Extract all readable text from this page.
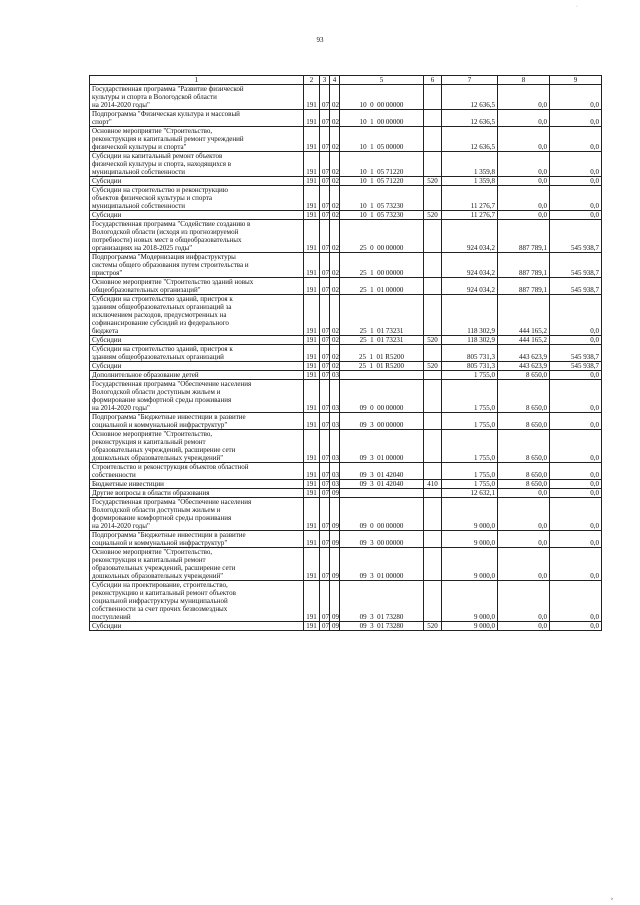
·
93
1	2	3	4	5	6	7	8	9

Государственная программа "Развитие физической
культуры и спорта в Вологодской области
на 2014-2020 годы"	191	07	02	10 0 00 00000		12 636,5	0,0	0,0

Подпрограмма "Физическая культура и массовый
спорт"	191	07	02	10 1 00 00000		12 636,5	0,0	0,0

Основное мероприятие "Строительство,
реконструкция и капитальный ремонт учреждений
физической культуры и спорта"	191	07	02	10 1 05 00000		12 636,5	0,0	0,0

Субсидии на капитальный ремонт объектов
физической культуры и спорта, находящихся в
муниципальной собственности	191	07	02	10 1 05 71220		1 359,8	0,0	0,0

Субсидии	191	07	02	10 1 05 71220	520	1 359,8	0,0	0,0

Субсидии на строительство и реконструкцию
объектов физической культуры и спорта
муниципальной собственности	191	07	02	10 1 05 73230		11 276,7	0,0	0,0

Субсидии	191	07	02	10 1 05 73230	520	11 276,7	0,0	0,0

Государственная программа "Содействие созданию в
Вологодской области (исходя из прогнозируемой
потребности) новых мест в общеобразовательных
организациях на 2018-2025 годы"	191	07	02	25 0 00 00000		924 034,2	887 789,1	545 938,7

Подпрограмма "Модернизация инфраструктуры
системы общего образования путем строительства и
пристроя"	191	07	02	25 1 00 00000		924 034,2	887 789,1	545 938,7

Основное мероприятие "Строительство зданий новых
общеобразовательных организаций"	191	07	02	25 1 01 00000		924 034,2	887 789,1	545 938,7

Субсидии на строительство зданий, пристроя к
зданиям общеобразовательных организаций за
исключением расходов, предусмотренных на
софинансирование субсидий из федерального
бюджета	191	07	02	25 1 01 73231		118 302,9	444 165,2	0,0

Субсидии	191	07	02	25 1 01 73231	520	118 302,9	444 165,2	0,0

Субсидии на строительство зданий, пристроя к
зданиям общеобразовательных организаций	191	07	02	25 1 01 R5200		805 731,3	443 623,9	545 938,7

Субсидии	191	07	02	25 1 01 R5200	520	805 731,3	443 623,9	545 938,7

Дополнительное образование детей	191	07	03			1 755,0	8 650,0	0,0

Государственная программа "Обеспечение населения
Вологодской области доступным жильем и
формирование комфортной среды проживания
на 2014-2020 годы"	191	07	03	09 0 00 00000		1 755,0	8 650,0	0,0

Подпрограмма "Бюджетные инвестиции в развитие
социальной и коммунальной инфраструктур"	191	07	03	09 3 00 00000		1 755,0	8 650,0	0,0

Основное мероприятие "Строительство,
реконструкция и капитальный ремонт
образовательных учреждений, расширение сети
дошкольных образовательных учреждений"	191	07	03	09 3 01 00000		1 755,0	8 650,0	0,0

Строительство и реконструкция объектов областной
собственности	191	07	03	09 3 01 42040		1 755,0	8 650,0	0,0

Бюджетные инвестиции	191	07	03	09 3 01 42040	410	1 755,0	8 650,0	0,0

Другие вопросы в области образования	191	07	09			12 632,1	0,0	0,0

Государственная программа "Обеспечение населения
Вологодской области доступным жильем и
формирование комфортной среды проживания
на 2014-2020 годы"	191	07	09	09 0 00 00000		9 000,0	0,0	0,0

Подпрограмма "Бюджетные инвестиции в развитие
социальной и коммунальной инфраструктур"	191	07	09	09 3 00 00000		9 000,0	0,0	0,0

Основное мероприятие "Строительство,
реконструкция и капитальный ремонт
образовательных учреждений, расширение сети
дошкольных образовательных учреждений"	191	07	09	09 3 01 00000		9 000,0	0,0	0,0

Субсидии на проектирование, строительство,
реконструкцию и капитальный ремонт объектов
социальной инфраструктуры муниципальной
собственности за счет прочих безвозмездных
поступлений	191	07	09	09 3 01 73280		9 000,0	0,0	0,0

Субсидии	191	07	09	09 3 01 73280	520	9 000,0	0,0	0,0
›
